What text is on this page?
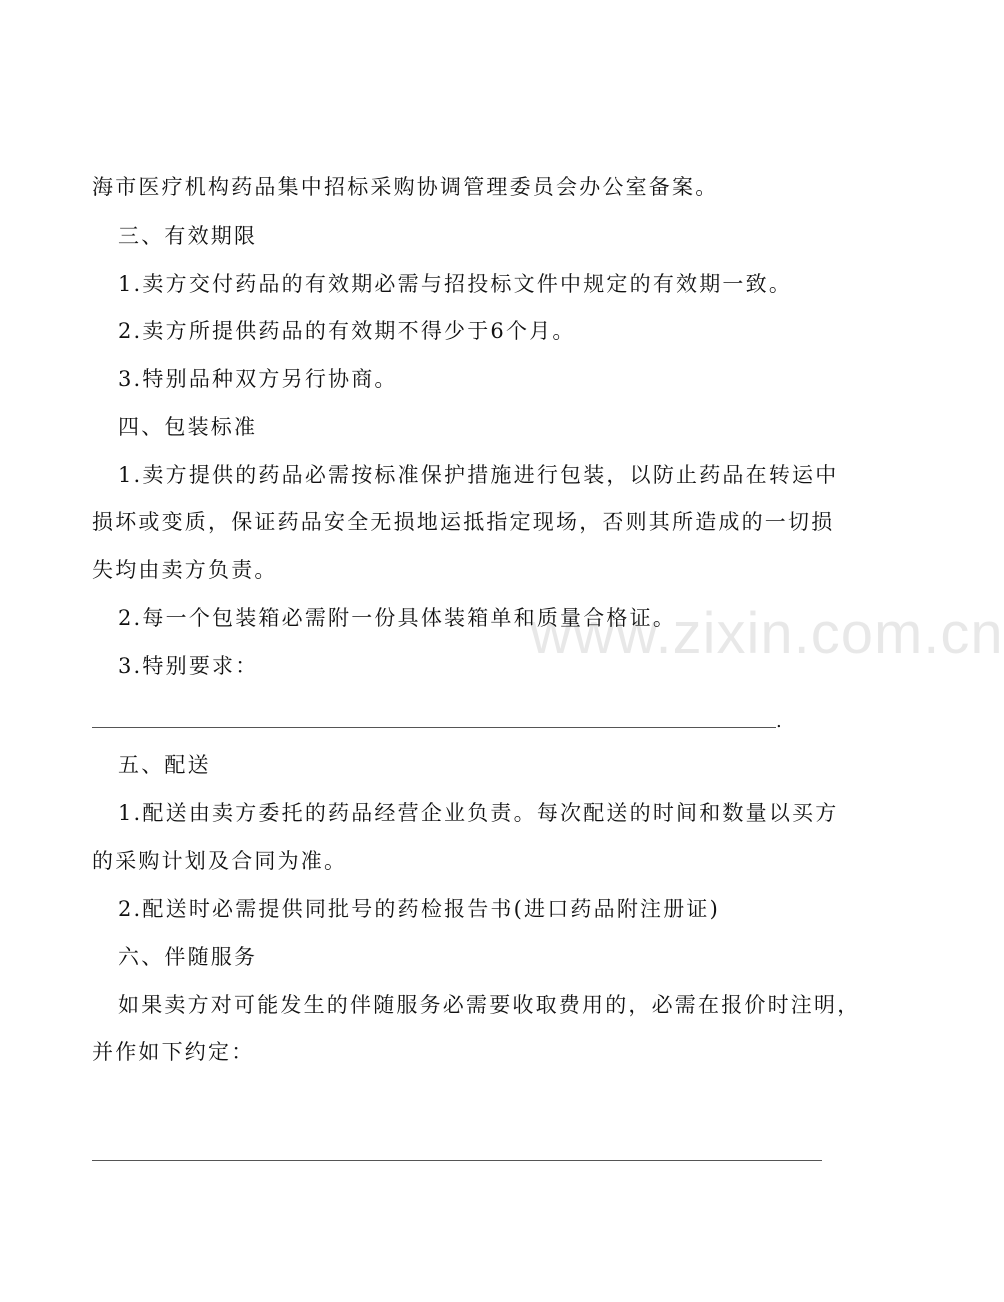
海市医疗机构药品集中招标采购协调管理委员会办公室备案。
三、有效期限
1.卖方交付药品的有效期必需与招投标文件中规定的有效期一致。
2.卖方所提供药品的有效期不得少于6个月。
3.特别品种双方另行协商。
四、包装标准
1.卖方提供的药品必需按标准保护措施进行包装，以防止药品在转运中
损坏或变质，保证药品安全无损地运抵指定现场，否则其所造成的一切损
失均由卖方负责。
2.每一个包装箱必需附一份具体装箱单和质量合格证。
3.特别要求：
.
五、配送
1.配送由卖方委托的药品经营企业负责。每次配送的时间和数量以买方
的采购计划及合同为准。
2.配送时必需提供同批号的药检报告书(进口药品附注册证)
六、伴随服务
如果卖方对可能发生的伴随服务必需要收取费用的，必需在报价时注明，
并作如下约定：
www.zixin.com.cn
